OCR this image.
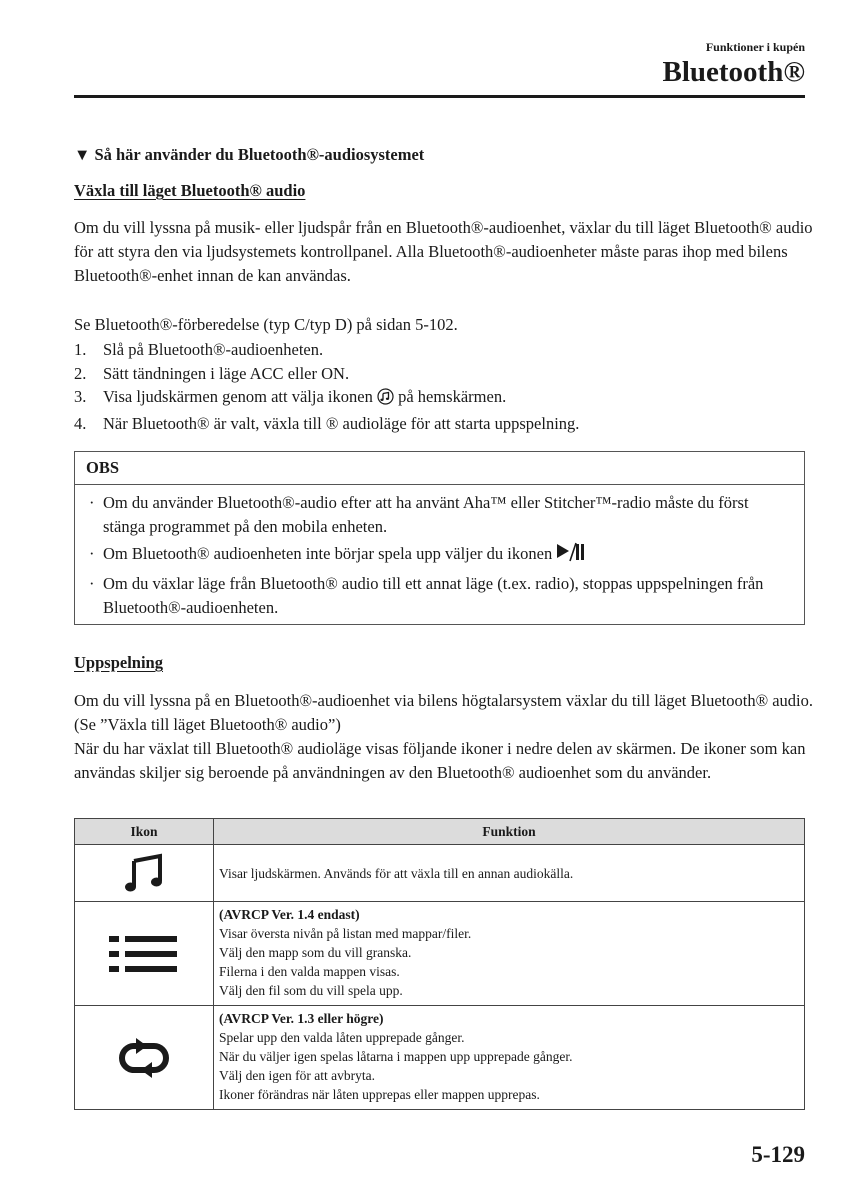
Funktioner i kupén
Bluetooth®
▼ Så här använder du Bluetooth®-audiosystemet
Växla till läget Bluetooth® audio

Om du vill lyssna på musik- eller ljudspår från en Bluetooth®-audioenhet, växlar du till läget Bluetooth® audio för att styra den via ljudsystemets kontrollpanel. Alla Bluetooth®-audioenheter måste paras ihop med bilens Bluetooth®-enhet innan de kan användas.

Se Bluetooth®-förberedelse (typ C/typ D) på sidan 5-102.

1.	Slå på Bluetooth®-audioenheten.
2.	Sätt tändningen i läge ACC eller ON.
3.	Visa ljudskärmen genom att välja ikonen på hemskärmen.
4.	När Bluetooth® är valt, växla till ® audioläge för att starta uppspelning.
OBS
· Om du använder Bluetooth®-audio efter att ha använt Aha™ eller Stitcher™-radio måste du först stänga programmet på den mobila enheten.
· Om Bluetooth® audioenheten inte börjar spela upp väljer du ikonen
· Om du växlar läge från Bluetooth® audio till ett annat läge (t.ex. radio), stoppas uppspelningen från Bluetooth®-audioenheten.
Uppspelning

Om du vill lyssna på en Bluetooth®-audioenhet via bilens högtalarsystem växlar du till läget Bluetooth® audio. (Se ”Växla till läget Bluetooth® audio”)

När du har växlat till Bluetooth® audioläge visas följande ikoner i nedre delen av skärmen. De ikoner som kan användas skiljer sig beroende på användningen av den Bluetooth® audioenhet som du använder.

Ikon	Funktion

Visar ljudskärmen. Används för att växla till en annan audiokälla.

(AVRCP Ver. 1.4 endast)
Visar översta nivån på listan med mappar/filer.
Välj den mapp som du vill granska.
Filerna i den valda mappen visas.
Välj den fil som du vill spela upp.

(AVRCP Ver. 1.3 eller högre)
Spelar upp den valda låten upprepade gånger.
När du väljer igen spelas låtarna i mappen upp upprepade gånger.
Välj den igen för att avbryta.
Ikoner förändras när låten upprepas eller mappen upprepas.
5-129
